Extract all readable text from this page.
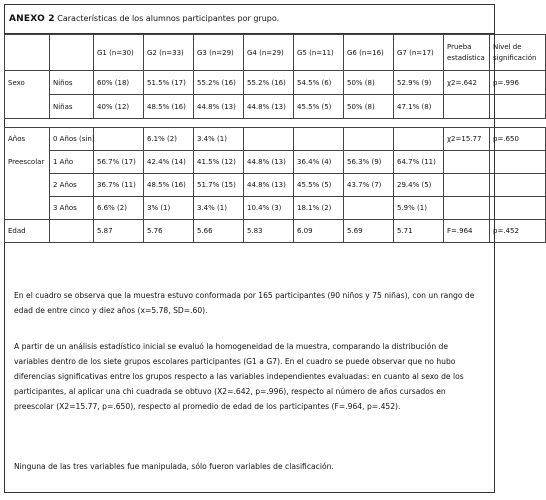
ANEXO 2 Características de los alumnos participantes por grupo.
		G1 (n=30)	G2 (n=33)	G3 (n=29)	G4 (n=29)	G5 (n=11)	G6 (n=16)	G7 (n=17)	Prueba estadística	Nivel de significación
Sexo	Niños	60% (18)	51.5% (17)	55.2% (16)	55.2% (16)	54.5% (6)	50% (8)	52.9% (9)	χ2=.642	p=.996
	Niñas	40% (12)	48.5% (16)	44.8% (13)	44.8% (13)	45.5% (5)	50% (8)	47.1% (8)		

Años	0 Años (sin)		6.1% (2)	3.4% (1)					χ2=15.77	p=.650
Preescolar	1 Año	56.7% (17)	42.4% (14)	41.5% (12)	44.8% (13)	36.4% (4)	56.3% (9)	64.7% (11)		
	2 Años	36.7% (11)	48.5% (16)	51.7% (15)	44.8% (13)	45.5% (5)	43.7% (7)	29.4% (5)		
	3 Años	6.6% (2)	3% (1)	3.4% (1)	10.4% (3)	18.1% (2)		5.9% (1)		
Edad		5.87	5.76	5.66	5.83	6.09	5.69	5.71	F=.964	p=.452

En el cuadro se observa que la muestra estuvo conformada por 165 participantes (90 niños y 75 niñas), con un rango de edad de entre cinco y diez años (x=5.78, SD=.60).

A partir de un análisis estadístico inicial se evaluó la homogeneidad de la muestra, comparando la distribución de variables dentro de los siete grupos escolares participantes (G1 a G7). En el cuadro se puede observar que no hubo diferencias significativas entre los grupos respecto a las variables independientes evaluadas: en cuanto al sexo de los participantes, al aplicar una chi cuadrada se obtuvo (X2=.642, p=.996), respecto al número de años cursados en preescolar (X2=15.77, p=.650), respecto al promedio de edad de los participantes (F=.964, p=.452).

Ninguna de las tres variables fue manipulada, sólo fueron variables de clasificación.
